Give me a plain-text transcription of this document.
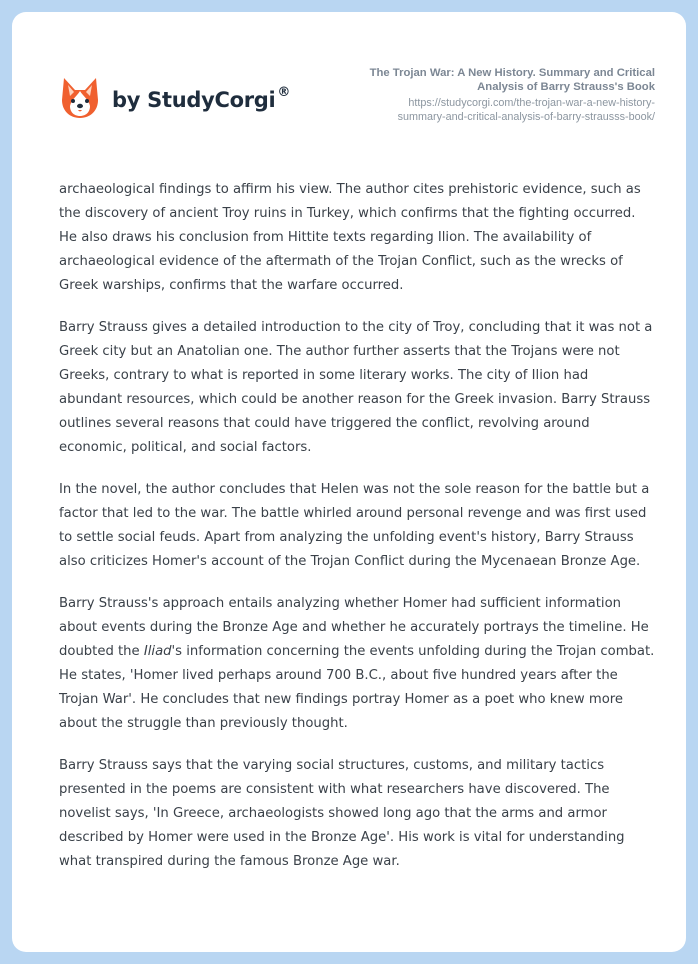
by StudyCorgi ®
The Trojan War: A New History. Summary and Critical
Analysis of Barry Strauss's Book
https://studycorgi.com/the-trojan-war-a-new-history-
summary-and-critical-analysis-of-barry-strausss-book/

archaeological findings to affirm his view. The author cites prehistoric evidence, such as the discovery of ancient Troy ruins in Turkey, which confirms that the fighting occurred. He also draws his conclusion from Hittite texts regarding Ilion. The availability of archaeological evidence of the aftermath of the Trojan Conflict, such as the wrecks of Greek warships, confirms that the warfare occurred.

Barry Strauss gives a detailed introduction to the city of Troy, concluding that it was not a Greek city but an Anatolian one. The author further asserts that the Trojans were not Greeks, contrary to what is reported in some literary works. The city of Ilion had abundant resources, which could be another reason for the Greek invasion. Barry Strauss outlines several reasons that could have triggered the conflict, revolving around economic, political, and social factors.

In the novel, the author concludes that Helen was not the sole reason for the battle but a factor that led to the war. The battle whirled around personal revenge and was first used to settle social feuds. Apart from analyzing the unfolding event's history, Barry Strauss also criticizes Homer's account of the Trojan Conflict during the Mycenaean Bronze Age.

Barry Strauss's approach entails analyzing whether Homer had sufficient information about events during the Bronze Age and whether he accurately portrays the timeline. He doubted the Iliad's information concerning the events unfolding during the Trojan combat. He states, 'Homer lived perhaps around 700 B.C., about five hundred years after the Trojan War'. He concludes that new findings portray Homer as a poet who knew more about the struggle than previously thought.

Barry Strauss says that the varying social structures, customs, and military tactics presented in the poems are consistent with what researchers have discovered. The novelist says, 'In Greece, archaeologists showed long ago that the arms and armor described by Homer were used in the Bronze Age'. His work is vital for understanding what transpired during the famous Bronze Age war.
